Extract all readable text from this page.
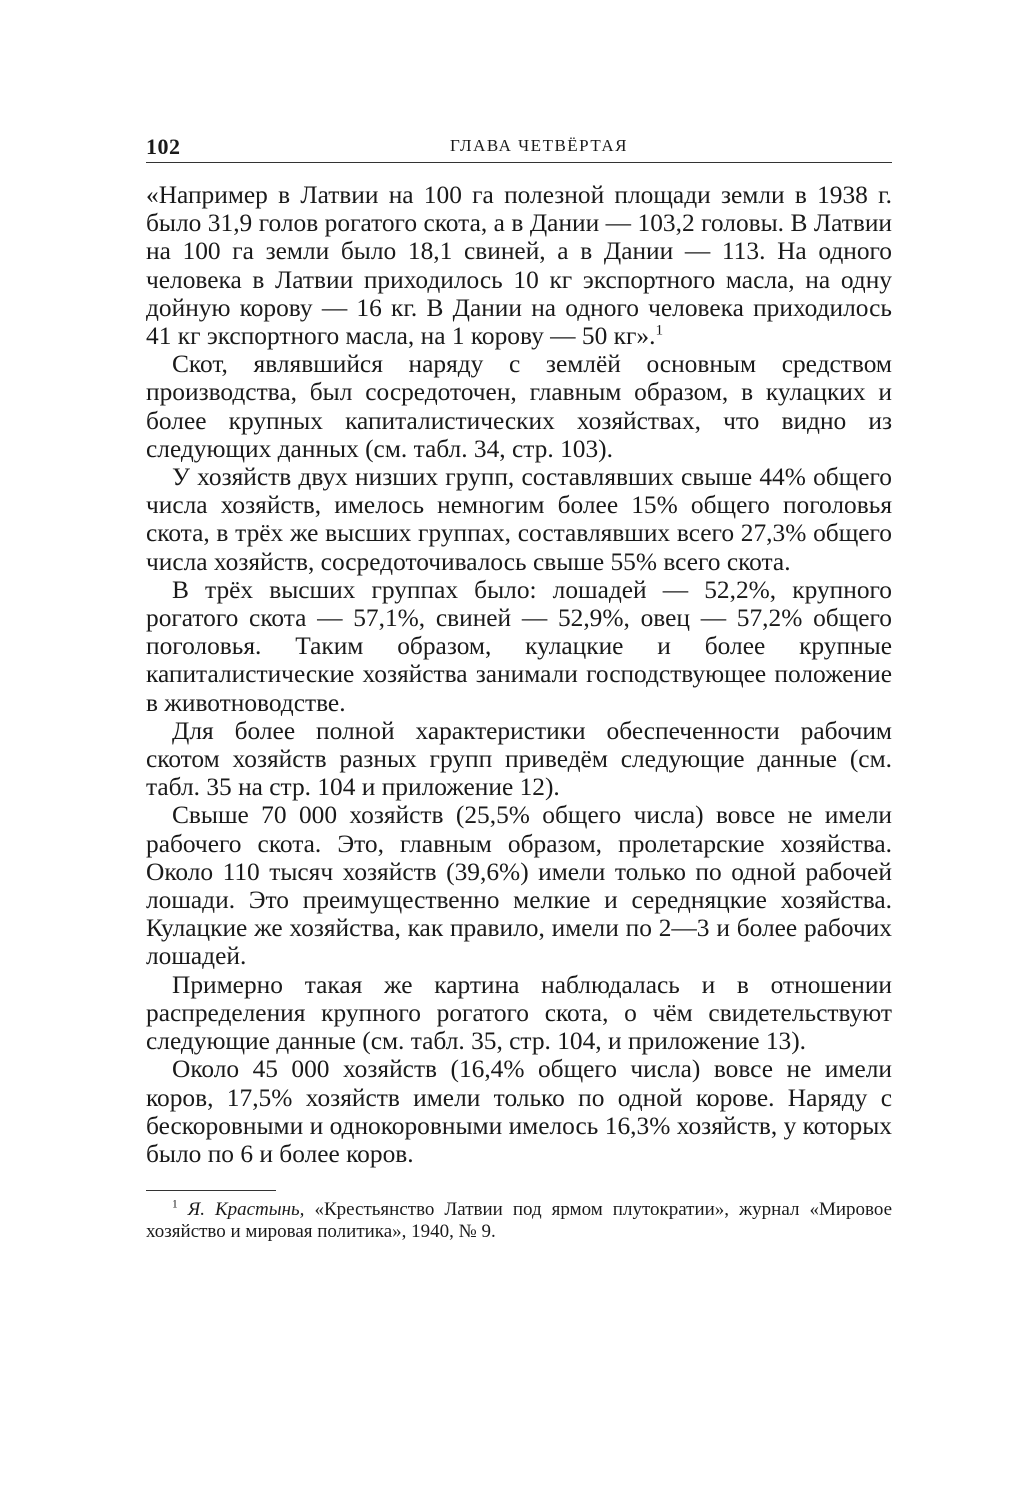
102	ГЛАВА ЧЕТВЁРТАЯ

«Например в Латвии на 100 га полезной площади земли в 1938 г. было 31,9 голов рогатого скота, а в Дании — 103,2 головы. В Латвии на 100 га земли было 18,1 свиней, а в Дании — 113. На одного человека в Латвии приходилось 10 кг экспортного масла, на одну дойную корову — 16 кг. В Дании на одного человека приходилось 41 кг экспортного масла, на 1 корову — 50 кг».$^1$

Скот, являвшийся наряду с землёй основным средством производства, был сосредоточен, главным образом, в кулацких и более крупных капиталистических хозяйствах, что видно из следующих данных (см. табл. 34, стр. 103).

У хозяйств двух низших групп, составлявших свыше 44% общего числа хозяйств, имелось немногим более 15% общего поголовья скота, в трёх же высших группах, составлявших всего 27,3% общего числа хозяйств, сосредоточивалось свыше 55% всего скота.

В трёх высших группах было: лошадей — 52,2%, крупного рогатого скота — 57,1%, свиней — 52,9%, овец — 57,2% общего поголовья. Таким образом, кулацкие и более крупные капиталистические хозяйства занимали господствующее положение в животноводстве.

Для более полной характеристики обеспеченности рабочим скотом хозяйств разных групп приведём следующие данные (см. табл. 35 на стр. 104 и приложение 12).

Свыше 70 000 хозяйств (25,5% общего числа) вовсе не имели рабочего скота. Это, главным образом, пролетарские хозяйства. Около 110 тысяч хозяйств (39,6%) имели только по одной рабочей лошади. Это преимущественно мелкие и середняцкие хозяйства. Кулацкие же хозяйства, как правило, имели по 2—3 и более рабочих лошадей.

Примерно такая же картина наблюдалась и в отношении распределения крупного рогатого скота, о чём свидетельствуют следующие данные (см. табл. 35, стр. 104, и приложение 13).

Около 45 000 хозяйств (16,4% общего числа) вовсе не имели коров, 17,5% хозяйств имели только по одной корове. Наряду с бескоровными и однокоровными имелось 16,3% хозяйств, у которых было по 6 и более коров.

$^1$ Я. Крастынь, «Крестьянство Латвии под ярмом плутократии», журнал «Мировое хозяйство и мировая политика», 1940, № 9.
